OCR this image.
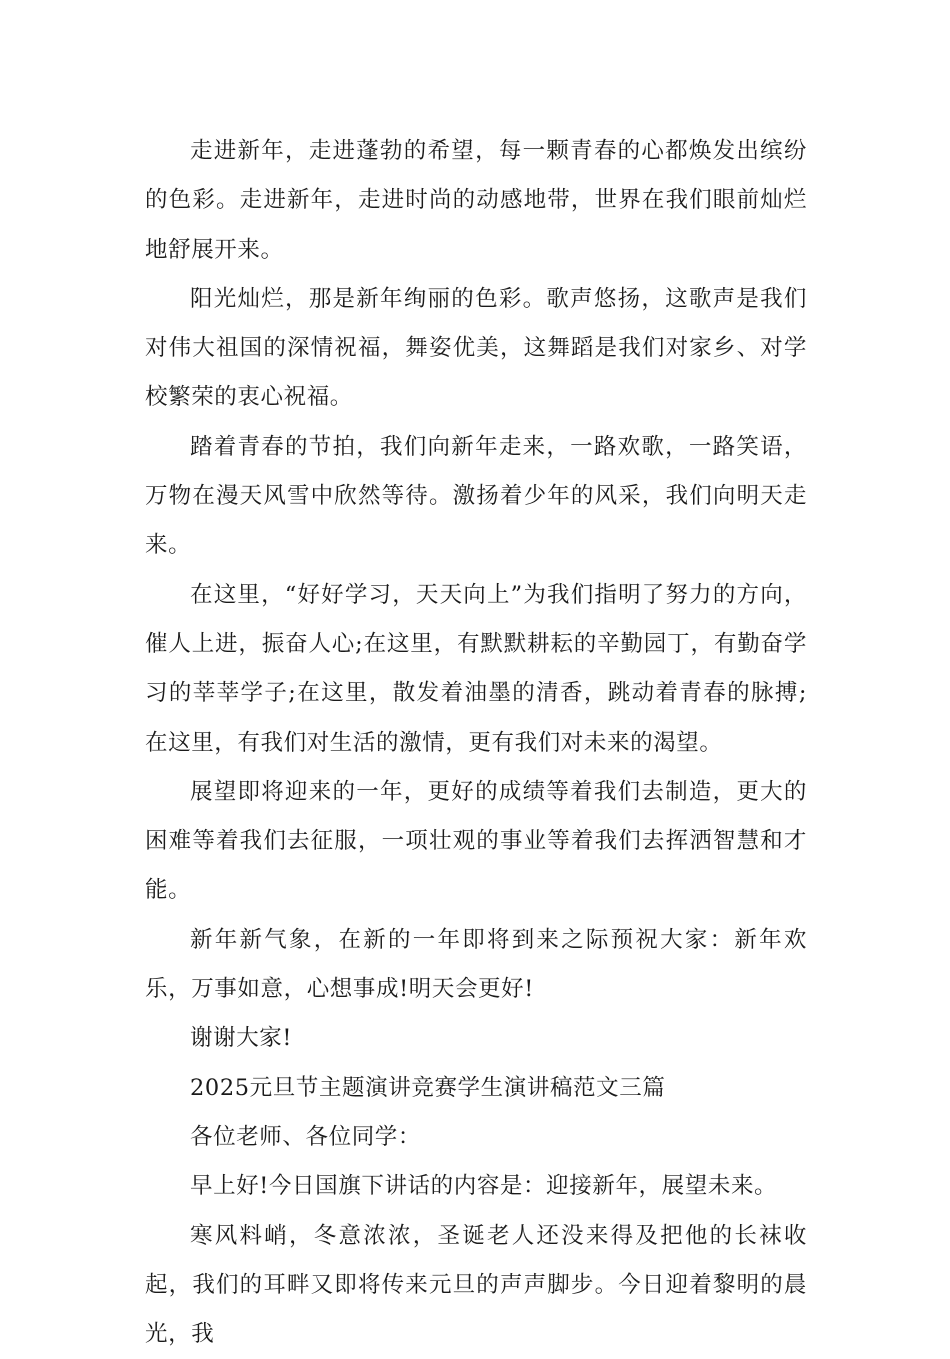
走进新年，走进蓬勃的希望，每一颗青春的心都焕发出缤纷的色彩。走进新年，走进时尚的动感地带，世界在我们眼前灿烂地舒展开来。

阳光灿烂，那是新年绚丽的色彩。歌声悠扬，这歌声是我们对伟大祖国的深情祝福，舞姿优美，这舞蹈是我们对家乡、对学校繁荣的衷心祝福。

踏着青春的节拍，我们向新年走来，一路欢歌，一路笑语，万物在漫天风雪中欣然等待。激扬着少年的风采，我们向明天走来。

在这里，“好好学习，天天向上”为我们指明了努力的方向，催人上进，振奋人心;在这里，有默默耕耘的辛勤园丁，有勤奋学习的莘莘学子;在这里，散发着油墨的清香，跳动着青春的脉搏;在这里，有我们对生活的激情，更有我们对未来的渴望。

展望即将迎来的一年，更好的成绩等着我们去制造，更大的困难等着我们去征服，一项壮观的事业等着我们去挥洒智慧和才能。

新年新气象，在新的一年即将到来之际预祝大家：新年欢乐，万事如意，心想事成!明天会更好!

谢谢大家!

2025元旦节主题演讲竞赛学生演讲稿范文三篇

各位老师、各位同学：

早上好!今日国旗下讲话的内容是：迎接新年，展望未来。

寒风料峭，冬意浓浓，圣诞老人还没来得及把他的长袜收起，我们的耳畔又即将传来元旦的声声脚步。今日迎着黎明的晨光，我
